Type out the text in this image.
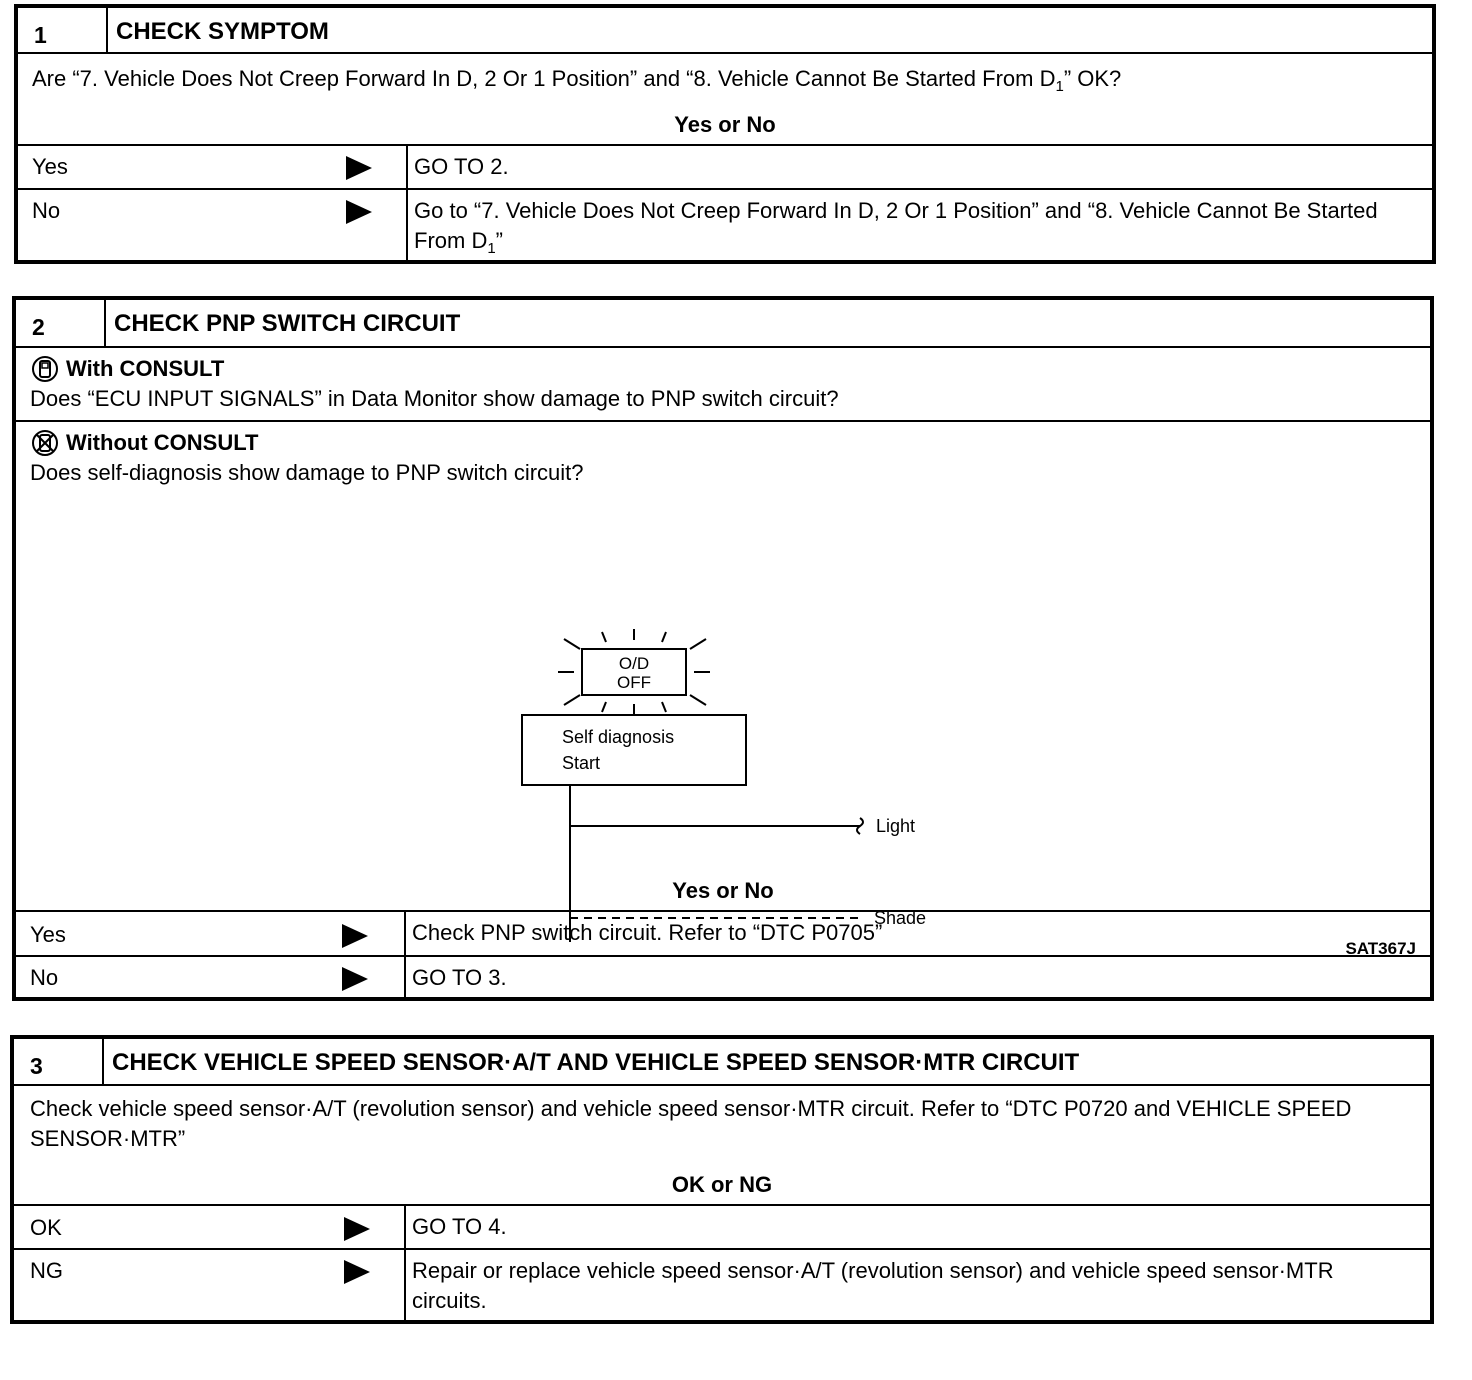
1	CHECK SYMPTOM
Are “7. Vehicle Does Not Creep Forward In D, 2 Or 1 Position” and “8. Vehicle Cannot Be Started From $D_1$” OK?
Yes or No
Yes	GO TO 2.
No	Go to “7. Vehicle Does Not Creep Forward In D, 2 Or 1 Position” and “8. Vehicle Cannot Be Started From $D_1$”
2	CHECK PNP SWITCH CIRCUIT
With CONSULT
Does “ECU INPUT SIGNALS” in Data Monitor show damage to PNP switch circuit?
Without CONSULT
Does self-diagnosis show damage to PNP switch circuit?
O/D
OFF
Self diagnosis
Start
Light
Shade
SAT367J
Yes or No
Yes	Check PNP switch circuit. Refer to “DTC P0705”
No	GO TO 3.
3	CHECK VEHICLE SPEED SENSOR·A/T AND VEHICLE SPEED SENSOR·MTR CIRCUIT
Check vehicle speed sensor·A/T (revolution sensor) and vehicle speed sensor·MTR circuit. Refer to “DTC P0720 and VEHICLE SPEED SENSOR·MTR”
OK or NG
OK	GO TO 4.
NG	Repair or replace vehicle speed sensor·A/T (revolution sensor) and vehicle speed sensor·MTR circuits.
